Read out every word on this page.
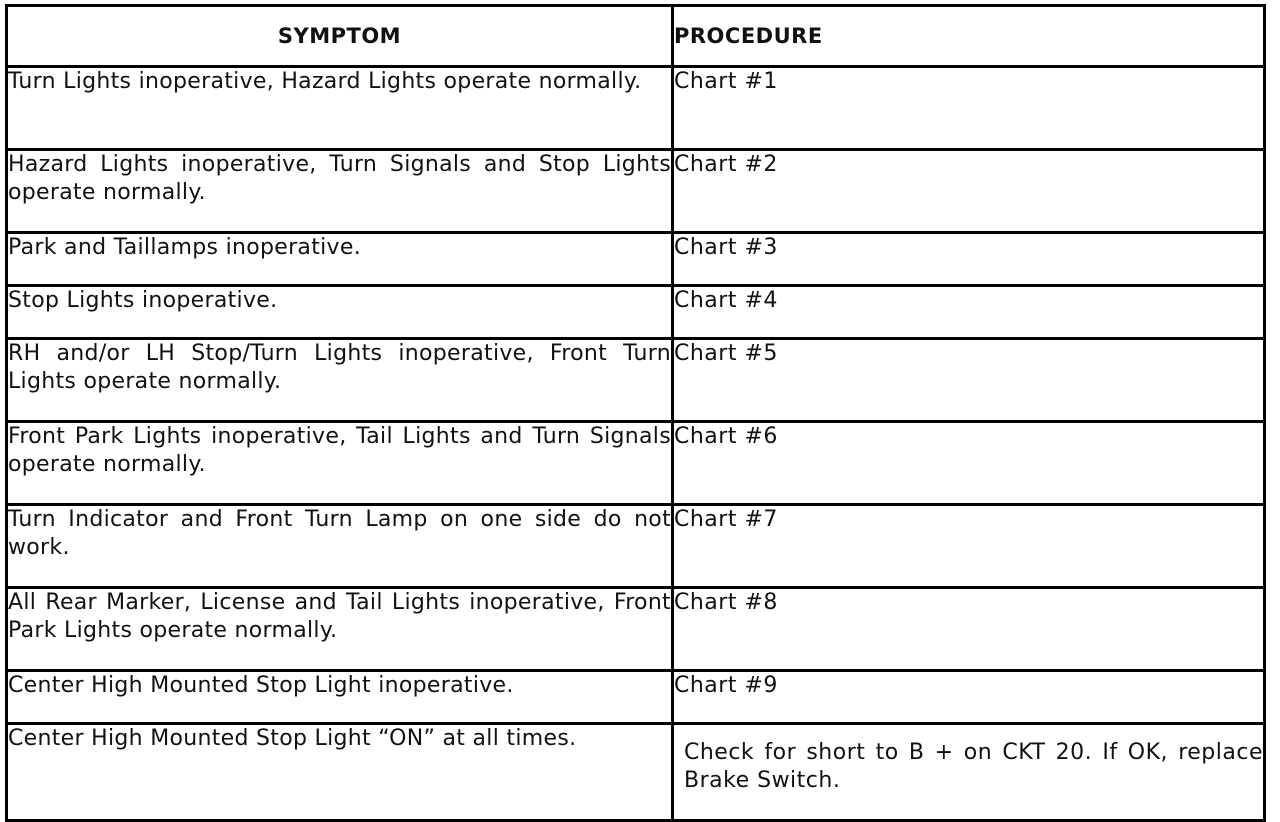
SYMPTOM	PROCEDURE
Turn Lights inoperative, Hazard Lights operate normally.	Chart #1
Hazard Lights inoperative, Turn Signals and Stop Lights operate normally.	Chart #2
Park and Taillamps inoperative.	Chart #3
Stop Lights inoperative.	Chart #4
RH and/or LH Stop/Turn Lights inoperative, Front Turn Lights operate normally.	Chart #5
Front Park Lights inoperative, Tail Lights and Turn Signals operate normally.	Chart #6
Turn Indicator and Front Turn Lamp on one side do not work.	Chart #7
All Rear Marker, License and Tail Lights inoperative, Front Park Lights operate normally.	Chart #8
Center High Mounted Stop Light inoperative.	Chart #9
Center High Mounted Stop Light “ON” at all times.	Check for short to B + on CKT 20. If OK, replace Brake Switch.
